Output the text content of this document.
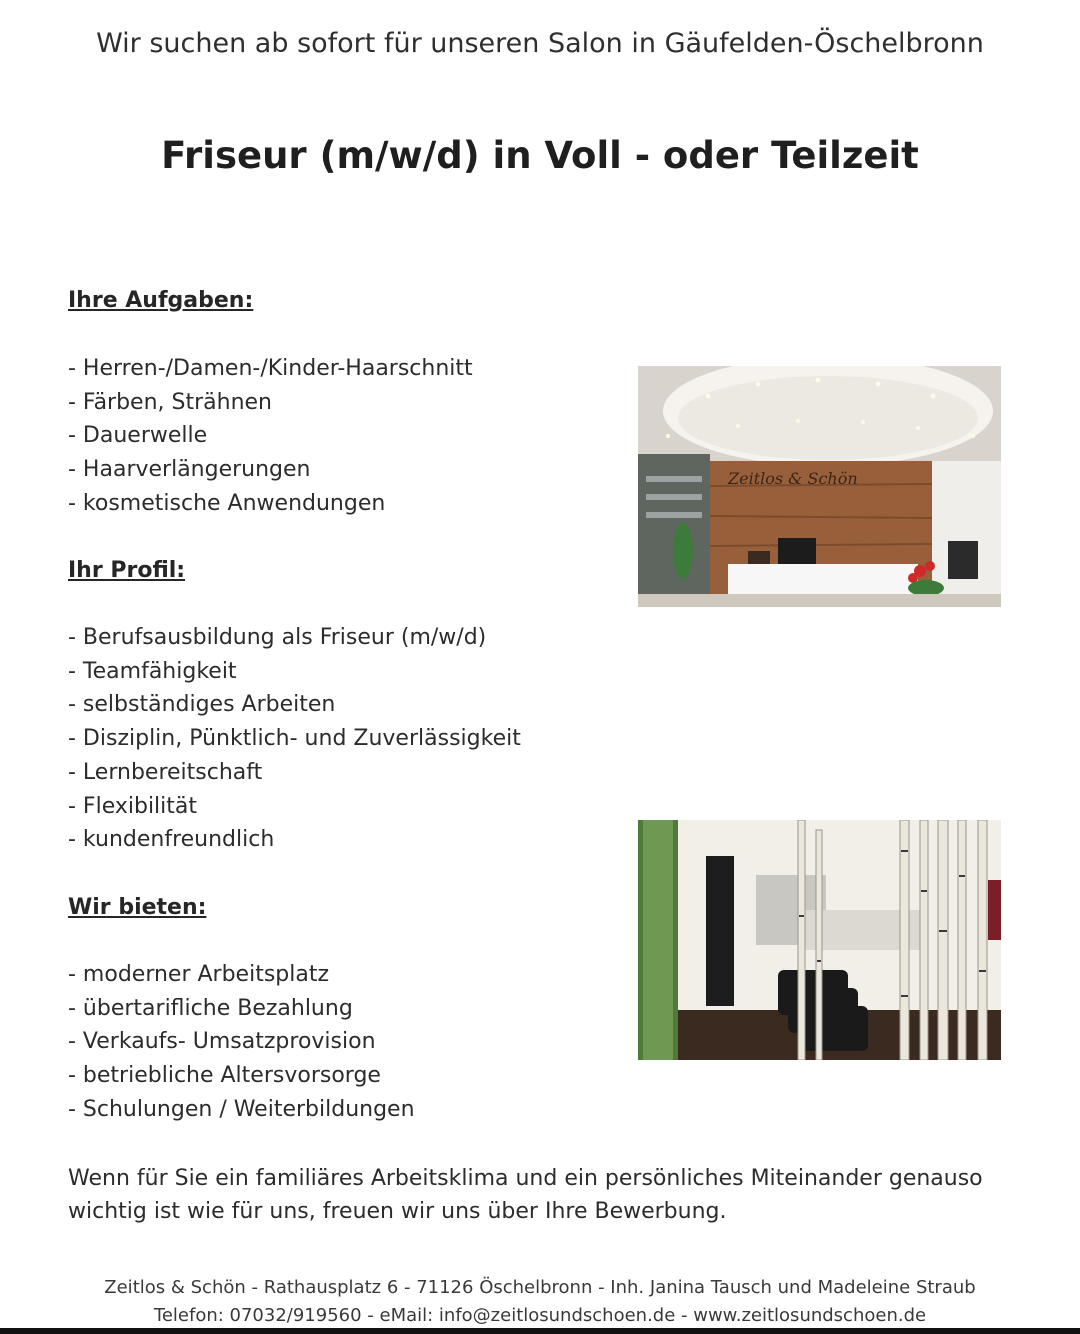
Wir suchen ab sofort für unseren Salon in Gäufelden-Öschelbronn

Friseur (m/w/d) in Voll - oder Teilzeit
Ihre Aufgaben:
- Herren-/Damen-/Kinder-Haarschnitt
- Färben, Strähnen
- Dauerwelle
- Haarverlängerungen
- kosmetische Anwendungen
Ihr Profil:
- Berufsausbildung als Friseur (m/w/d)
- Teamfähigkeit
- selbständiges Arbeiten
- Disziplin, Pünktlich- und Zuverlässigkeit
- Lernbereitschaft
- Flexibilität
- kundenfreundlich
Wir bieten:
- moderner Arbeitsplatz
- übertarifliche Bezahlung
- Verkaufs- Umsatzprovision
- betriebliche Altersvorsorge
- Schulungen / Weiterbildungen

Wenn für Sie ein familiäres Arbeitsklima und ein persönliches Miteinander genauso wichtig ist wie für uns, freuen wir uns über Ihre Bewerbung.

Zeitlos & Schön - Rathausplatz 6 - 71126 Öschelbronn - Inh. Janina Tausch und Madeleine Straub
Telefon: 07032/919560 - eMail: info@zeitlosundschoen.de - www.zeitlosundschoen.de
Zeitlos & Schön
